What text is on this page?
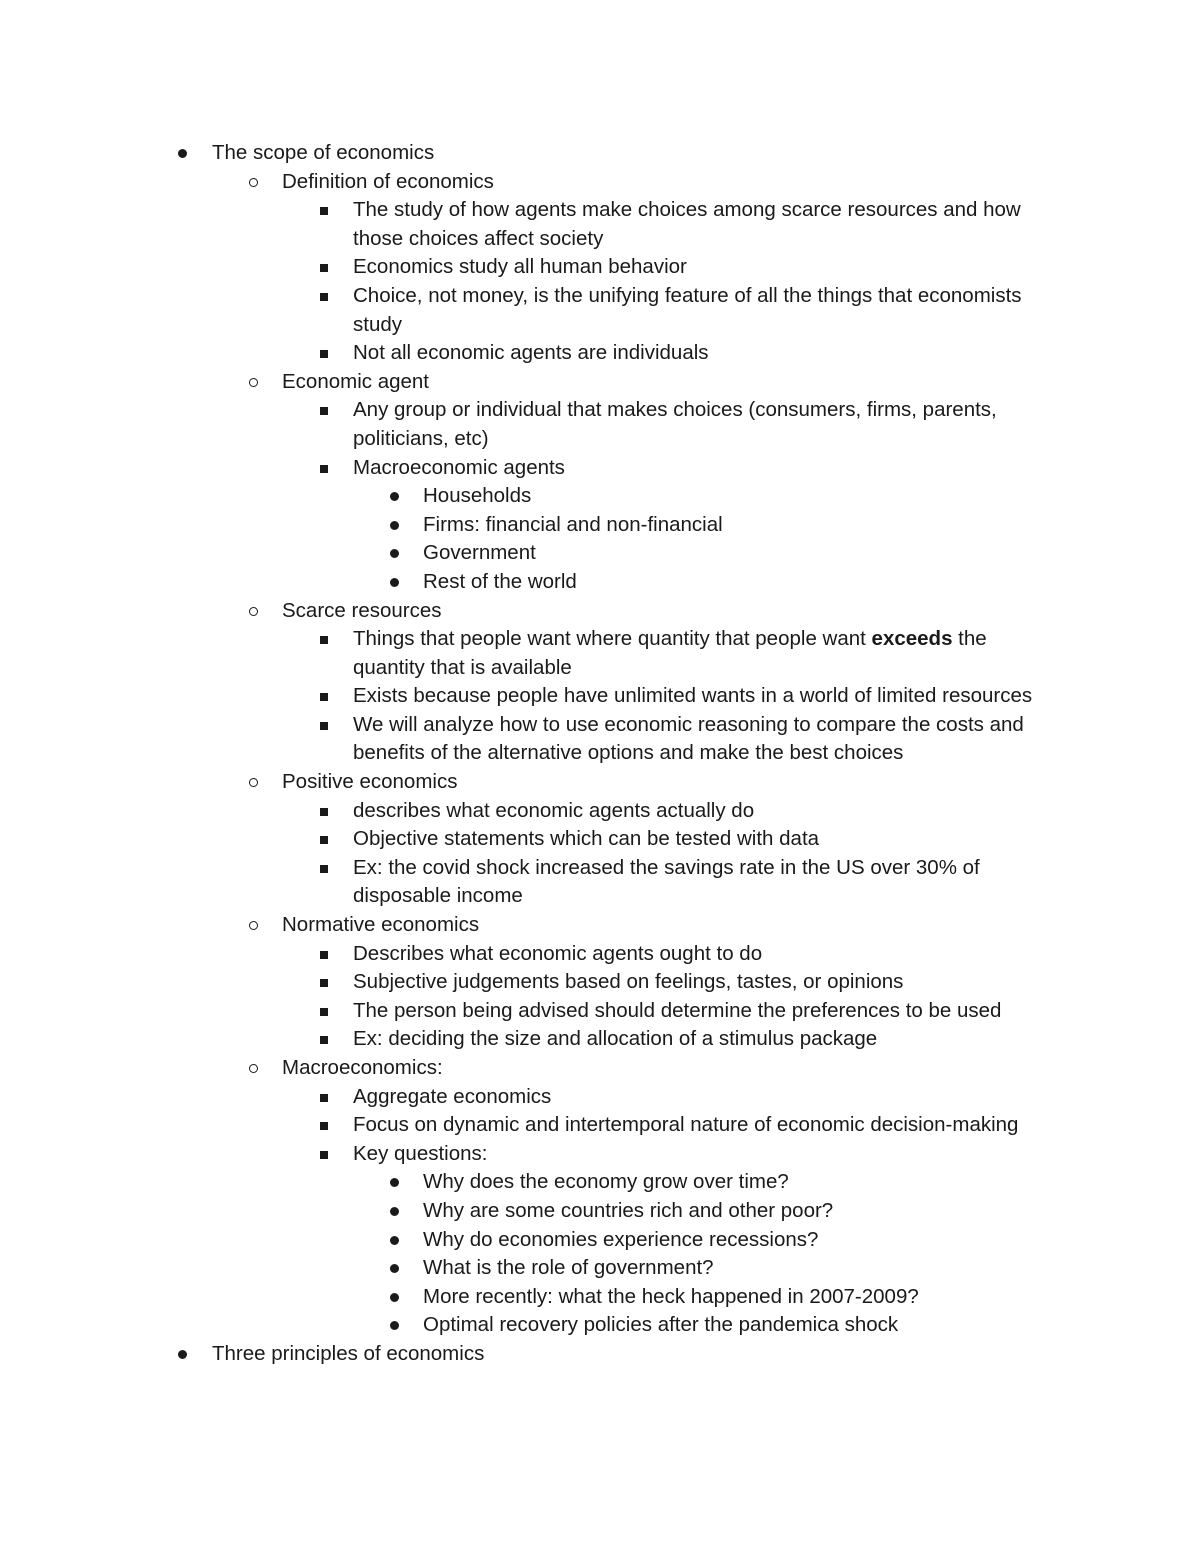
The scope of economics
Definition of economics
The study of how agents make choices among scarce resources and how those choices affect society
Economics study all human behavior
Choice, not money, is the unifying feature of all the things that economists study
Not all economic agents are individuals
Economic agent
Any group or individual that makes choices (consumers, firms, parents, politicians, etc)
Macroeconomic agents
Households
Firms: financial and non-financial
Government
Rest of the world
Scarce resources
Things that people want where quantity that people want exceeds the quantity that is available
Exists because people have unlimited wants in a world of limited resources
We will analyze how to use economic reasoning to compare the costs and benefits of the alternative options and make the best choices
Positive economics
describes what economic agents actually do
Objective statements which can be tested with data
Ex: the covid shock increased the savings rate in the US over 30% of disposable income
Normative economics
Describes what economic agents ought to do
Subjective judgements based on feelings, tastes, or opinions
The person being advised should determine the preferences to be used
Ex: deciding the size and allocation of a stimulus package
Macroeconomics:
Aggregate economics
Focus on dynamic and intertemporal nature of economic decision-making
Key questions:
Why does the economy grow over time?
Why are some countries rich and other poor?
Why do economies experience recessions?
What is the role of government?
More recently: what the heck happened in 2007-2009?
Optimal recovery policies after the pandemica shock
Three principles of economics
